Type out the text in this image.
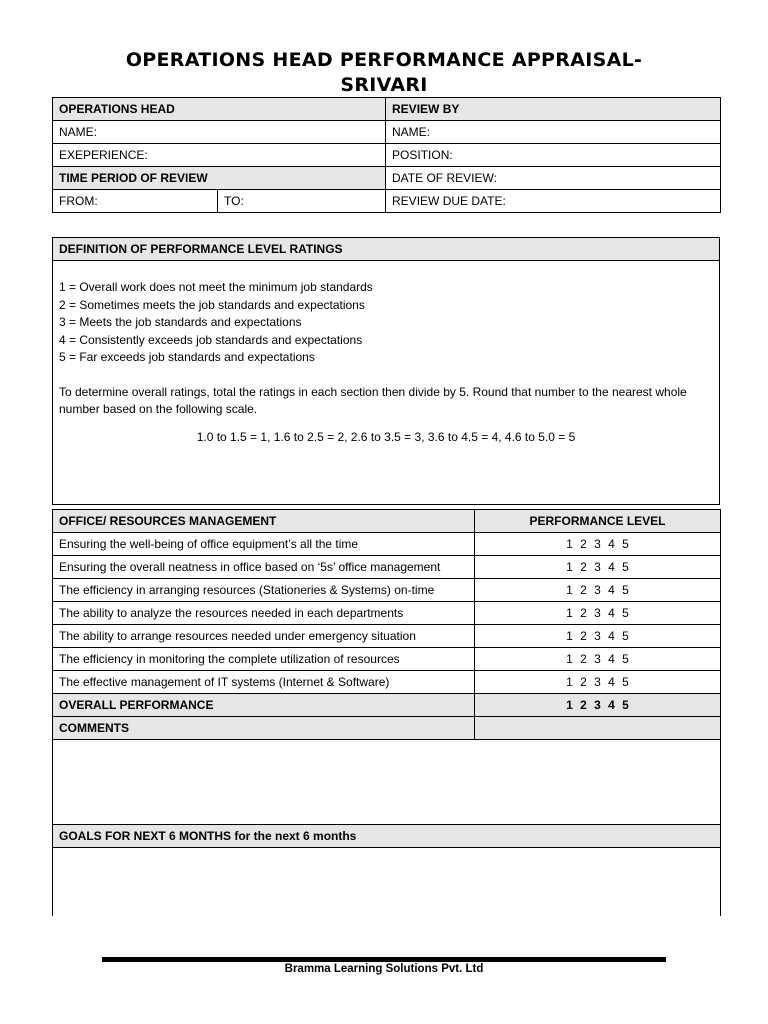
OPERATIONS HEAD PERFORMANCE APPRAISAL-
SRIVARI
OPERATIONS HEAD		REVIEW BY
NAME:		NAME:
EXEPERIENCE:		POSITION:
TIME PERIOD OF REVIEW		DATE OF REVIEW:
FROM:	TO:	REVIEW DUE DATE:
DEFINITION OF PERFORMANCE LEVEL RATINGS

1 = Overall work does not meet the minimum job standards

2 = Sometimes meets the job standards and expectations

3 = Meets the job standards and expectations

4 = Consistently exceeds job standards and expectations

5 = Far exceeds job standards and expectations

To determine overall ratings, total the ratings in each section then divide by 5. Round that number to the nearest whole number based on the following scale.

1.0 to 1.5 = 1, 1.6 to 2.5 = 2, 2.6 to 3.5 = 3, 3.6 to 4.5 = 4, 4.6 to 5.0 = 5

OFFICE/ RESOURCES MANAGEMENT	PERFORMANCE LEVEL
Ensuring the well-being of office equipment’s all the time	1 2 3 4 5
Ensuring the overall neatness in office based on ‘5s’ office management	1 2 3 4 5
The efficiency in arranging resources (Stationeries & Systems) on-time	1 2 3 4 5
The ability to analyze the resources needed in each departments	1 2 3 4 5
The ability to arrange resources needed under emergency situation	1 2 3 4 5
The efficiency in monitoring the complete utilization of resources	1 2 3 4 5
The effective management of IT systems (Internet & Software)	1 2 3 4 5
OVERALL PERFORMANCE	1 2 3 4 5
COMMENTS	

GOALS FOR NEXT 6 MONTHS for the next 6 months	

Bramma Learning Solutions Pvt. Ltd
